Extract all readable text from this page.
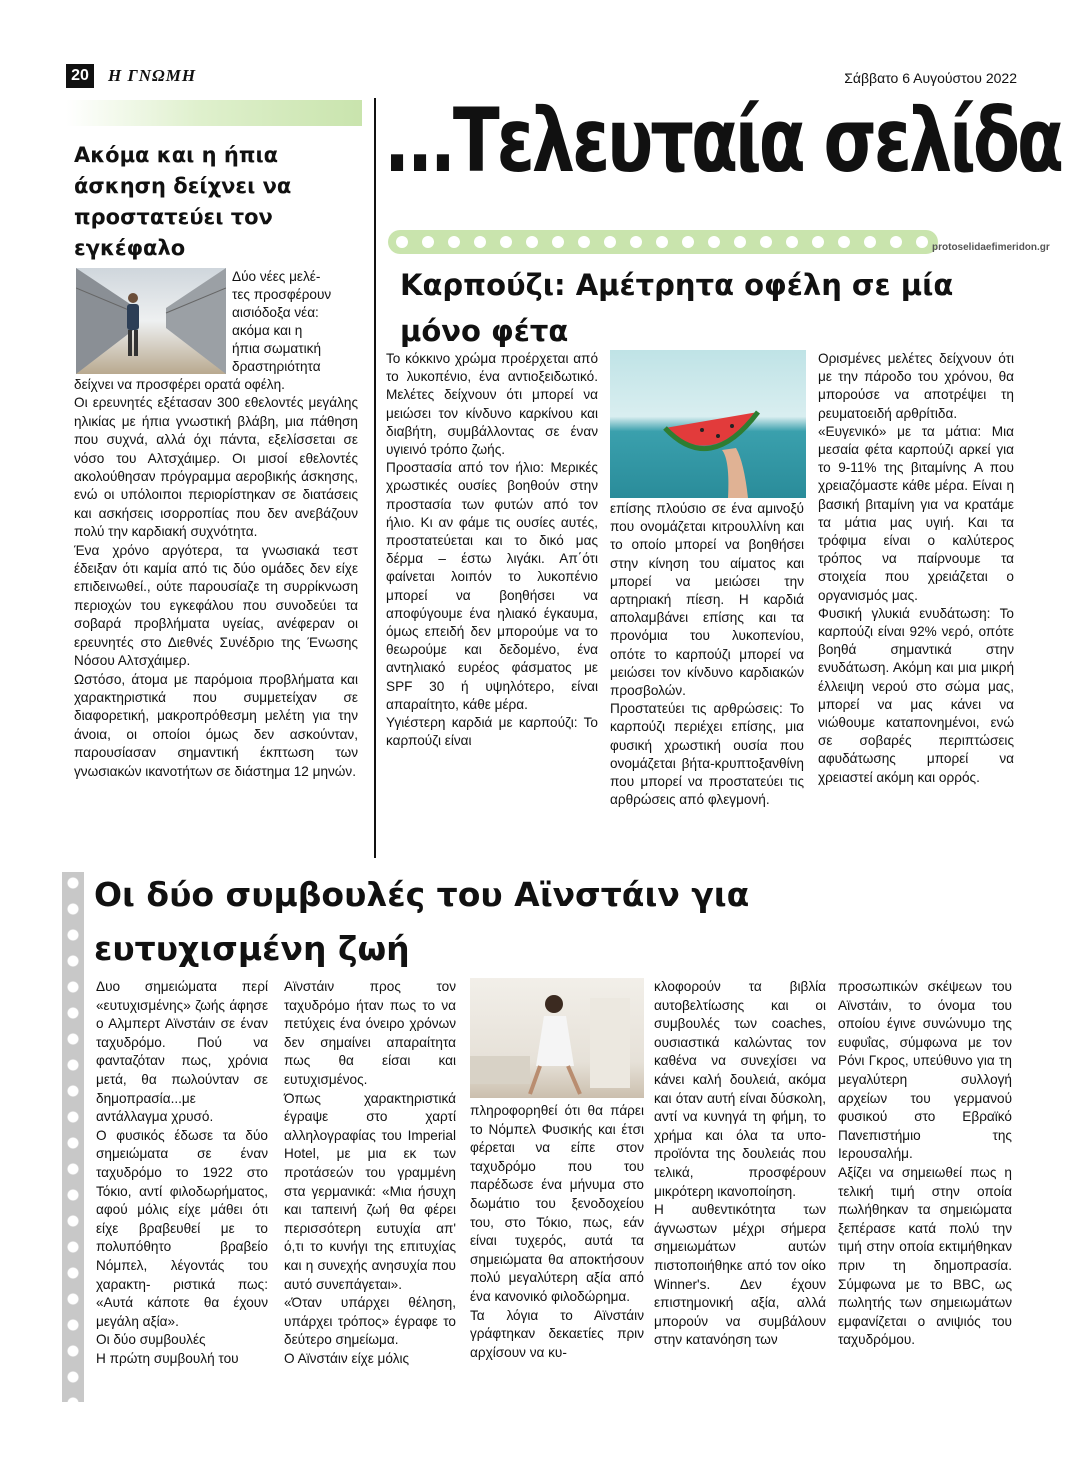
20	Η ΓΝΩΜΗ	Σάββατο 6 Αυγούστου 2022
...Τελευταία σελίδα
protoselidaefimeridon.gr
Ακόμα και η ήπια
άσκηση δείχνει να
προστατεύει τον
εγκέφαλο
Δύο νέες μελέ-
τες προσφέρουν
αισιόδοξα νέα:
ακόμα και η
ήπια σωματική
δραστηριότητα

δείχνει να προσφέρει ορατά οφέλη.

Οι ερευνητές εξέτασαν 300 εθελοντές μεγάλης ηλικίας με ήπια γνωστική βλάβη, μια πάθηση που συχνά, αλλά όχι πάντα, εξελίσσεται σε νόσο του Αλτσχάιμερ. Οι μισοί εθελοντές ακολούθησαν πρόγραμμα αεροβικής άσκησης, ενώ οι υπόλοιποι περιορίστηκαν σε διατάσεις και ασκήσεις ισορροπίας που δεν ανεβάζουν πολύ την καρδιακή συχνότητα.

Ένα χρόνο αργότερα, τα γνωσιακά τεστ έδειξαν ότι καμία από τις δύο ομάδες δεν είχε επιδεινωθεί., ούτε παρουσίαζε τη συρρίκνωση περιοχών του εγκεφάλου που συνοδεύει τα σοβαρά προβλήματα υγείας, ανέφεραν οι ερευνητές στο Διεθνές Συνέδριο της Ένωσης Νόσου Αλτσχάιμερ.

Ωστόσο, άτομα με παρόμοια προβλήματα και χαρακτηριστικά που συμμετείχαν σε διαφορετική, μακροπρόθεσμη μελέτη για την άνοια, οι οποίοι όμως δεν ασκούνταν, παρουσίασαν σημαντική έκπτωση των γνωσιακών ικανοτήτων σε διάστημα 12 μηνών.

Καρπούζι: Αμέτρητα οφέλη σε μία
μόνο φέτα

Το κόκκινο χρώμα προέρχεται από το λυκοπένιο, ένα αντιοξειδωτικό. Μελέτες δείχνουν ότι μπορεί να μειώσει τον κίνδυνο καρκίνου και διαβήτη, συμβάλλοντας σε έναν υγιεινό τρόπο ζωής.

Προστασία από τον ήλιο: Μερικές χρωστικές ουσίες βοηθούν στην προστασία των φυτών από τον ήλιο. Κι αν φάμε τις ουσίες αυτές, προστατεύεται και το δικό μας δέρμα – έστω λιγάκι. Απ΄ότι φαίνεται λοιπόν το λυκοπένιο μπορεί να βοηθήσει να αποφύγουμε ένα ηλιακό έγκαυμα, όμως επειδή δεν μπορούμε να το θεωρούμε και δεδομένο, ένα αντηλιακό ευρέος φάσματος με SPF 30 ή υψηλότερο, είναι απαραίτητο, κάθε μέρα.

Υγιέστερη καρδιά με καρπούζι: Το καρπούζι είναι

επίσης πλούσιο σε ένα αμινοξύ που ονομάζεται κιτρουλλίνη και το οποίο μπορεί να βοηθήσει στην κίνηση του αίματος και μπορεί να μειώσει την αρτηριακή πίεση. Η καρδιά απολαμβάνει επίσης και τα προνόμια του λυκοπενίου, οπότε το καρπούζι μπορεί να μειώσει τον κίνδυνο καρδιακών προσβολών.

Προστατεύει τις αρθρώσεις: Το καρπούζι περιέχει επίσης, μια φυσική χρωστική ουσία που ονομάζεται βήτα-κρυπτοξανθίνη που μπορεί να προστατεύει τις αρθρώσεις από φλεγμονή.

Ορισμένες μελέτες δείχνουν ότι με την πάροδο του χρόνου, θα μπορούσε να αποτρέψει τη ρευματοειδή αρθρίτιδα.

«Ευγενικό» με τα μάτια: Μια μεσαία φέτα καρπούζι αρκεί για το 9-11% της βιταμίνης A που χρειαζόμαστε κάθε μέρα. Είναι η βασική βιταμίνη για να κρατάμε τα μάτια μας υγιή. Και τα τρόφιμα είναι ο καλύτερος τρόπος να παίρνουμε τα στοιχεία που χρειάζεται ο οργανισμός μας.

Φυσική γλυκιά ενυδάτωση: Το καρπούζι είναι 92% νερό, οπότε βοηθά σημαντικά στην ενυδάτωση. Ακόμη και μια μικρή έλλειψη νερού στο σώμα μας, μπορεί να μας κάνει να νιώθουμε καταπονημένοι, ενώ σε σοβαρές περιπτώσεις αφυδάτωσης μπορεί να χρειαστεί ακόμη και ορρός.

Οι δύο συμβουλές του Αϊνστάιν για
ευτυχισμένη ζωή

Δυο σημειώματα περί «ευτυχισμένης» ζωής άφησε ο Αλμπερτ Αϊνστάιν σε έναν ταχυδρόμο. Πού να φανταζόταν πως, χρόνια μετά, θα πωλούνταν σε δημοπρασία...με αντάλλαγμα χρυσό.

Ο φυσικός έδωσε τα δύο σημειώματα σε έναν ταχυδρόμο το 1922 στο Τόκιο, αντί φιλοδωρήματος, αφού μόλις είχε μάθει ότι είχε βραβευθεί με το πολυπόθητο βραβείο Νόμπελ, λέγοντάς του χαρακτη- ριστικά πως: «Αυτά κάποτε θα έχουν μεγάλη αξία».

Οι δύο συμβουλές

Η πρώτη συμβουλή του

Αϊνστάιν προς τον ταχυδρόμο ήταν πως το να πετύχεις ένα όνειρο χρόνων δεν σημαίνει απαραίτητα πως θα είσαι και ευτυχισμένος.

Όπως χαρακτηριστικά έγραψε στο χαρτί αλληλογραφίας του Imperial Hotel, με μια εκ των προτάσεών του γραμμένη στα γερμανικά: «Μια ήσυχη και ταπεινή ζωή θα φέρει περισσότερη ευτυχία απ' ό,τι το κυνήγι της επιτυχίας και η συνεχής ανησυχία που αυτό συνεπάγεται».

«Όταν υπάρχει θέληση, υπάρχει τρόπος» έγραφε το δεύτερο σημείωμα.

Ο Αϊνστάιν είχε μόλις

πληροφορηθεί ότι θα πάρει το Νόμπελ Φυσικής και έτσι φέρεται να είπε στον ταχυδρόμο που του παρέδωσε ένα μήνυμα στο δωμάτιο του ξενοδοχείου του, στο Τόκιο, πως, εάν είναι τυχερός, αυτά τα σημειώματα θα αποκτήσουν πολύ μεγαλύτερη αξία από ένα κανονικό φιλοδώρημα.

Τα λόγια το Αϊνστάιν γράφτηκαν δεκαετίες πριν αρχίσουν να κυ-

κλοφορούν τα βιβλία αυτοβελτίωσης και οι συμβουλές των coaches, ουσιαστικά καλώντας τον καθένα να συνεχίσει να κάνει καλή δουλειά, ακόμα και όταν αυτή είναι δύσκολη, αντί να κυνηγά τη φήμη, το χρήμα και όλα τα υπο-προϊόντα της δουλειάς που τελικά, προσφέρουν μικρότερη ικανοποίηση.

Η αυθεντικότητα των άγνωστων μέχρι σήμερα σημειωμάτων αυτών πιστοποιήθηκε από τον οίκο Winner's. Δεν έχουν επιστημονική αξία, αλλά μπορούν να συμβάλουν στην κατανόηση των

προσωπικών σκέψεων του Αϊνστάιν, το όνομα του οποίου έγινε συνώνυμο της ευφυΐας, σύμφωνα με τον Ρόνι Γκρος, υπεύθυνο για τη μεγαλύτερη συλλογή αρχείων του γερμανού φυσικού στο Εβραϊκό Πανεπιστήμιο της Ιερουσαλήμ.

Αξίζει να σημειωθεί πως η τελική τιμή στην οποία πωλήθηκαν τα σημειώματα ξεπέρασε κατά πολύ την τιμή στην οποία εκτιμήθηκαν πριν τη δημοπρασία. Σύμφωνα με το BBC, ως πωλητής των σημειωμάτων εμφανίζεται ο ανιψιός του ταχυδρόμου.
